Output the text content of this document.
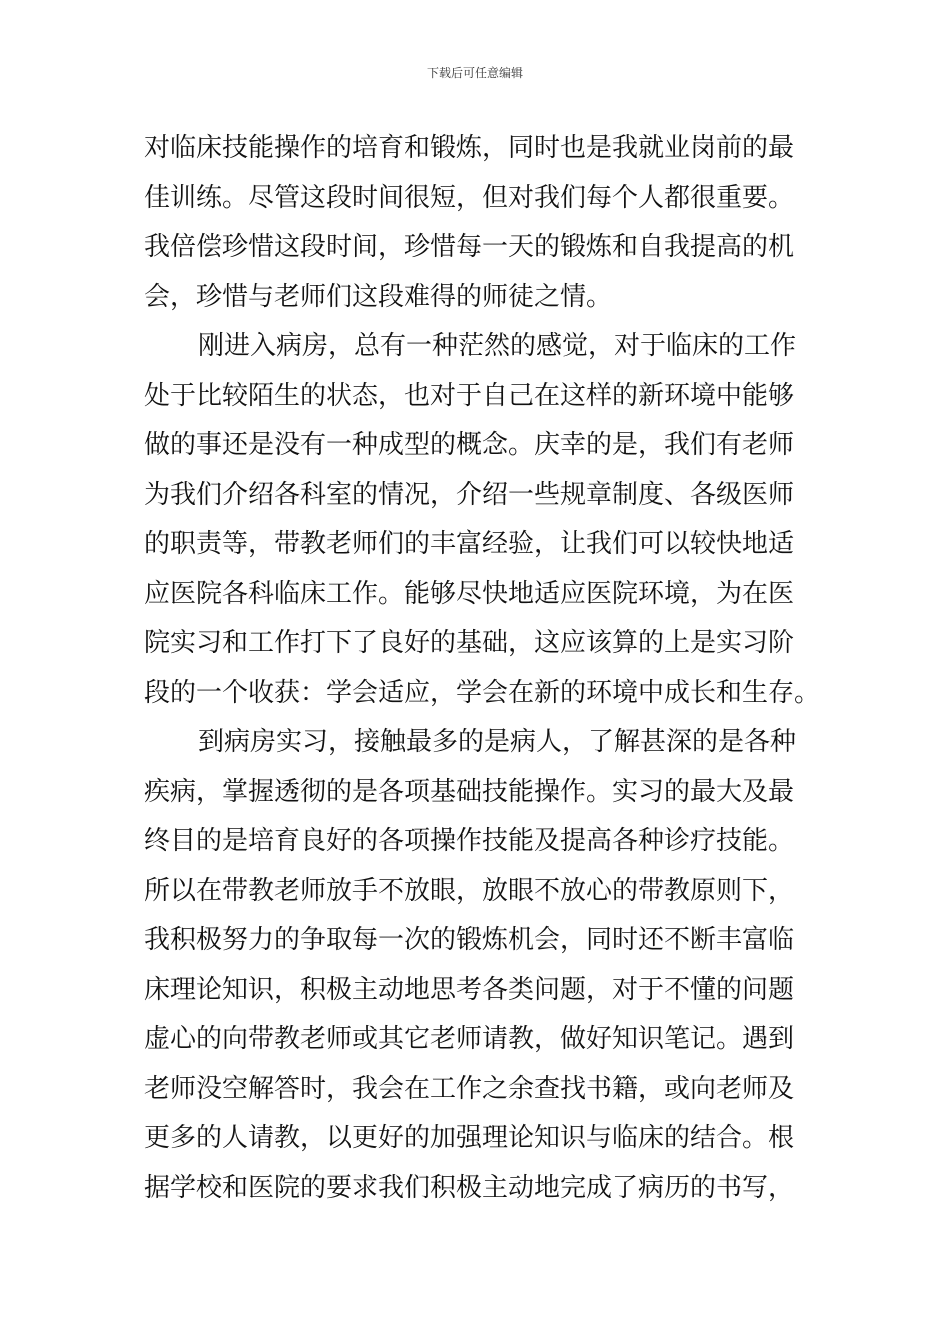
下载后可任意编辑
对临床技能操作的培育和锻炼，同时也是我就业岗前的最
佳训练。尽管这段时间很短，但对我们每个人都很重要。
我倍偿珍惜这段时间，珍惜每一天的锻炼和自我提高的机
会，珍惜与老师们这段难得的师徒之情。
刚进入病房，总有一种茫然的感觉，对于临床的工作
处于比较陌生的状态，也对于自己在这样的新环境中能够
做的事还是没有一种成型的概念。庆幸的是，我们有老师
为我们介绍各科室的情况，介绍一些规章制度、各级医师
的职责等，带教老师们的丰富经验，让我们可以较快地适
应医院各科临床工作。能够尽快地适应医院环境，为在医
院实习和工作打下了良好的基础，这应该算的上是实习阶
段的一个收获：学会适应，学会在新的环境中成长和生存。
到病房实习，接触最多的是病人，了解甚深的是各种
疾病，掌握透彻的是各项基础技能操作。实习的最大及最
终目的是培育良好的各项操作技能及提高各种诊疗技能。
所以在带教老师放手不放眼，放眼不放心的带教原则下，
我积极努力的争取每一次的锻炼机会，同时还不断丰富临
床理论知识，积极主动地思考各类问题，对于不懂的问题
虚心的向带教老师或其它老师请教，做好知识笔记。遇到
老师没空解答时，我会在工作之余查找书籍，或向老师及
更多的人请教，以更好的加强理论知识与临床的结合。根
据学校和医院的要求我们积极主动地完成了病历的书写，
